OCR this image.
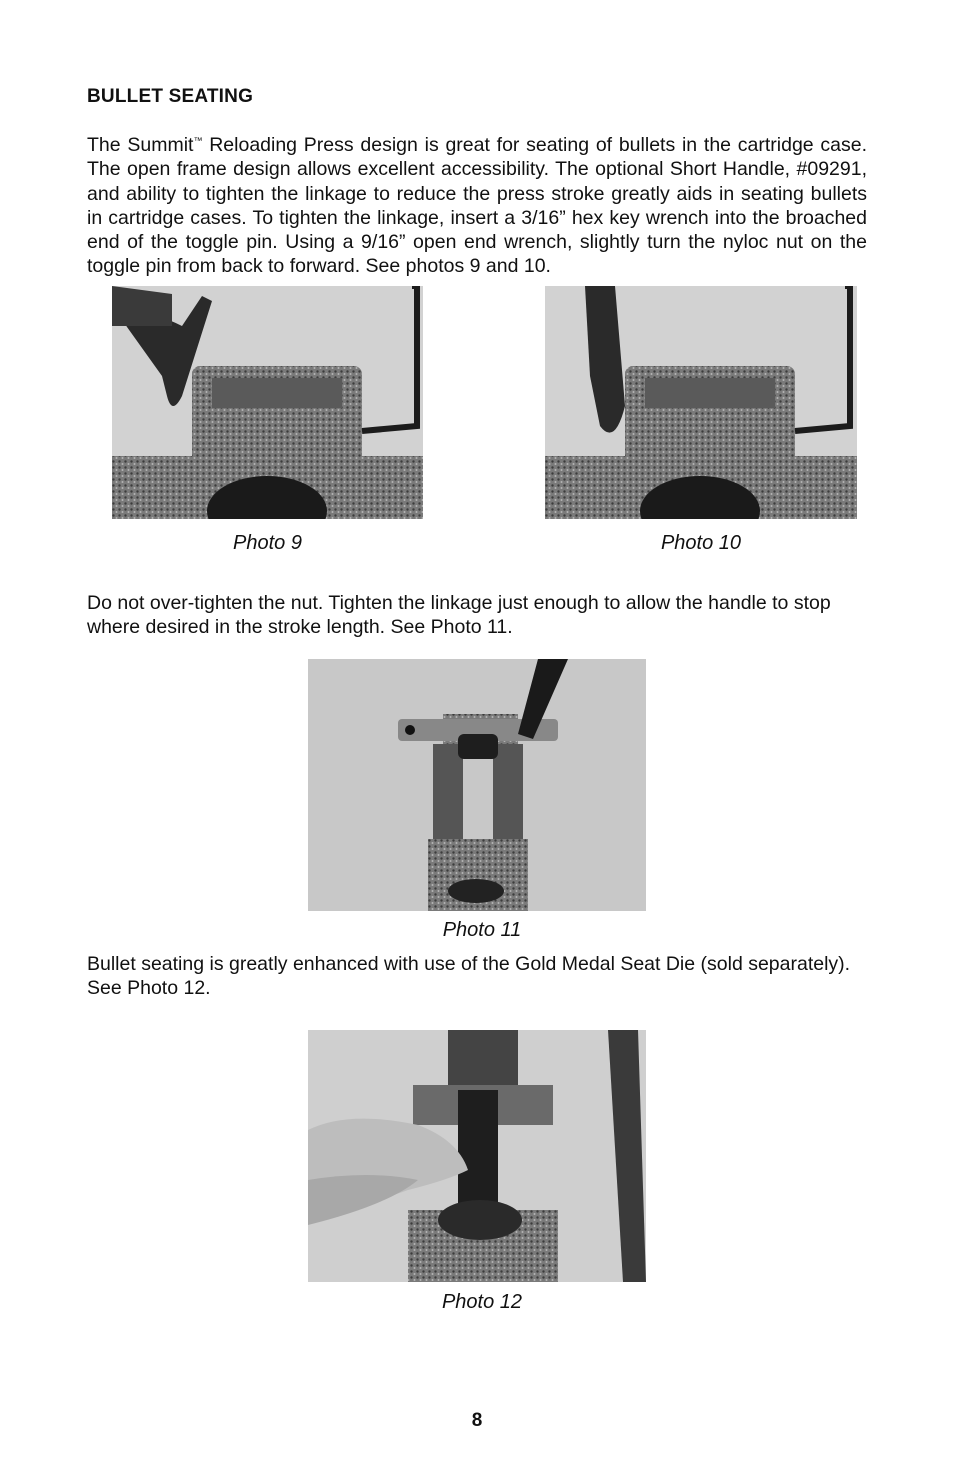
BULLET SEATING
The Summit™ Reloading Press design is great for seating of bullets in the cartridge case. The open frame design allows excellent accessibility. The optional Short Handle, #09291, and ability to tighten the linkage to reduce the press stroke greatly aids in seating bullets in cartridge cases. To tighten the linkage, insert a 3/16” hex key wrench into the broached end of the toggle pin. Using a 9/16” open end wrench, slightly turn the nyloc nut on the toggle pin from back to forward. See photos 9 and 10.
Photo 9	Photo 10
Do not over-tighten the nut. Tighten the linkage just enough to allow the handle to stop where desired in the stroke length. See Photo 11.
Photo 11
Bullet seating is greatly enhanced with use of the Gold Medal Seat Die (sold separately). See Photo 12.
Photo 12
8
